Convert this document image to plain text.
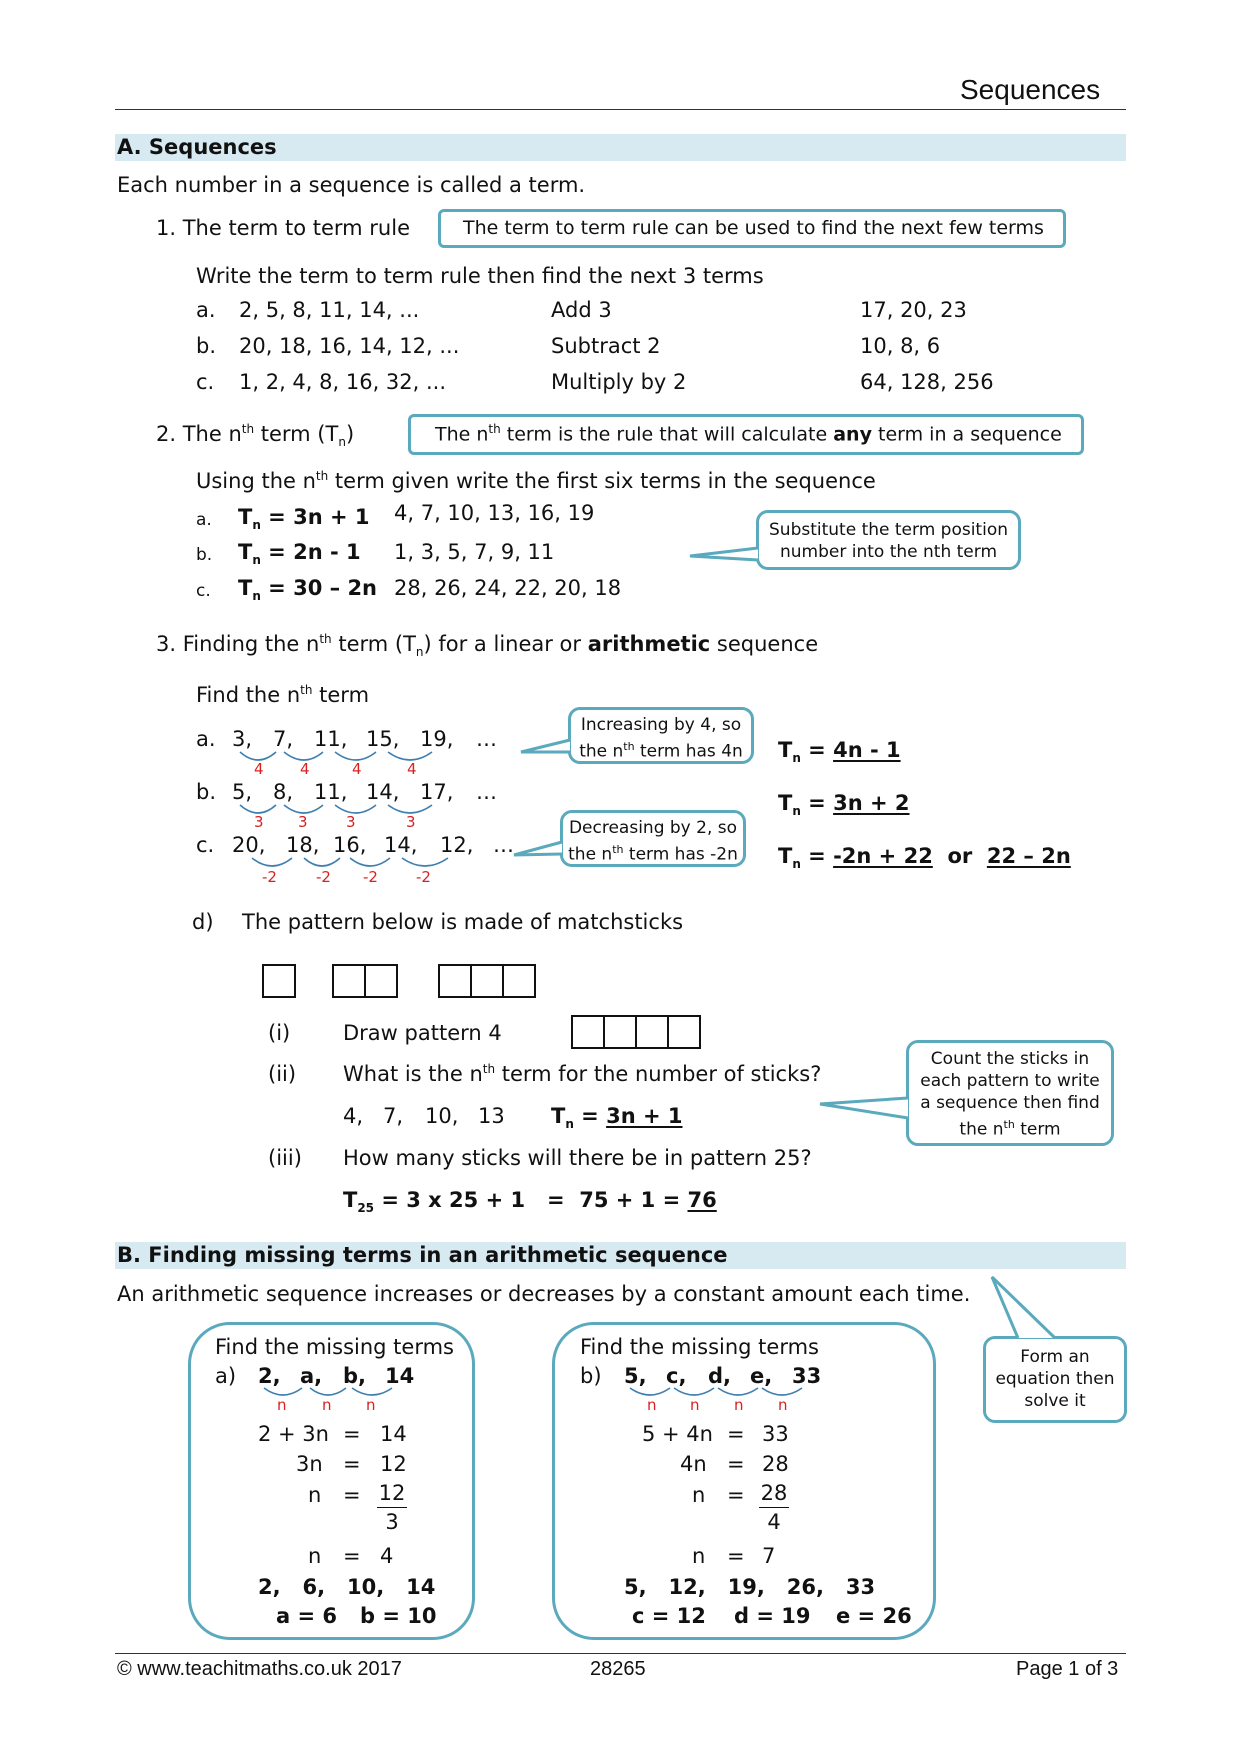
Sequences
A. Sequences
Each number in a sequence is called a term.
1. The term to term rule	The term to term rule can be used to find the next few terms
Write the term to term rule then find the next 3 terms
a. 2, 5, 8, 11, 14, ...	Add 3	17, 20, 23
b. 20, 18, 16, 14, 12, ...	Subtract 2	10, 8, 6
c. 1, 2, 4, 8, 16, 32, ...	Multiply by 2	64, 128, 256
2. The $n^{th}$ term $(T_n)$	The $n^{th}$ term is the rule that will calculate any term in a sequence
Using the $n^{th}$ term given write the first six terms in the sequence
a. $T_n = 3n + 1$ 4, 7, 10, 13, 16, 19
b. $T_n = 2n - 1$ 1, 3, 5, 7, 9, 11
c. $T_n = 30 - 2n$ 28, 26, 24, 22, 20, 18
Substitute the term position
number into the nth term
3. Finding the $n^{th}$ term $(T_n)$ for a linear or arithmetic sequence
Find the $n^{th}$ term
a. 3, 7, 11, 15, 19, …
4 4	4	4
b. 5, 8, 11, 14, 17, …
3 3	3	3
c. 20, 18, 16, 14, 12, …
-2	-2 -2	-2
Increasing by 4, so
the $n^{th}$ term has 4n
Decreasing by 2, so
the $n^{th}$ term has -2n
$T_n = 4n - 1$
$T_n = 3n + 2$
$T_n = -2n + 22$ or 22 – 2n
d) The pattern below is made of matchsticks
(i)	Draw pattern 4
(ii) What is the $n^{th}$ term for the number of sticks?
4, 7, 10, 13 $T_n = 3n + 1$
(iii) How many sticks will there be in pattern 25?
$T_{25} = 3$ x 25 + 1   =  75 + 1 = 76
Count the sticks in
each pattern to write
a sequence then find
the $n^{th}$ term
B. Finding missing terms in an arithmetic sequence
An arithmetic sequence increases or decreases by a constant amount each time.
Find the missing terms
a) 2, a, b, 14
n n n
2 + 3n = 14
3n = 12
n = 12
3
n = 4
2,   6,   10,   14
a = 6 b = 10
Find the missing terms
b) 5, c, d, e, 33
n n n n
5 + 4n = 33
4n = 28
n = 28
4
n = 7
5,   12,   19,   26,   33
c = 12 d = 19 e = 26
Form an
equation then
solve it
© www.teachitmaths.co.uk 2017	28265	Page 1 of 3
